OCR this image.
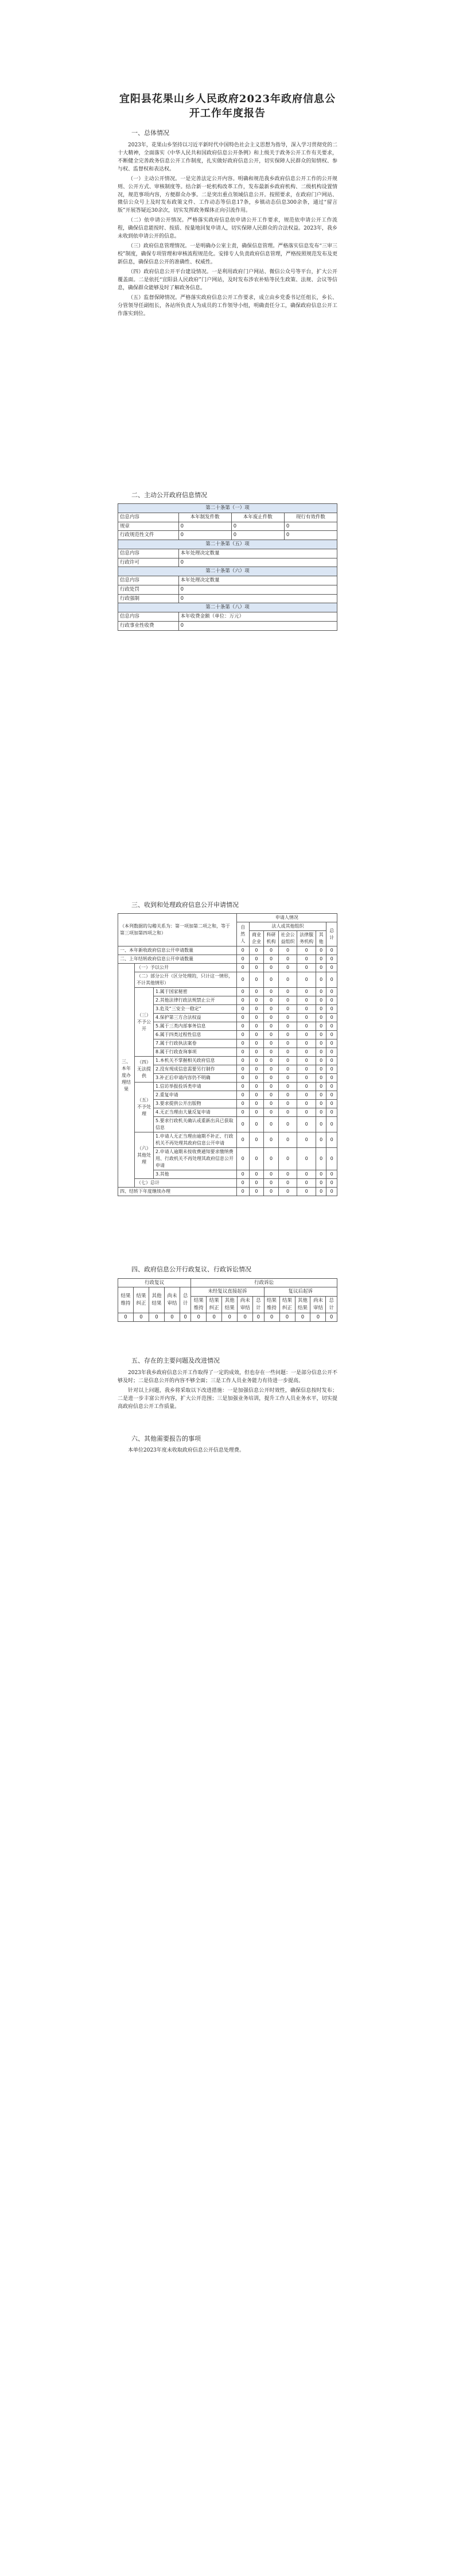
宜阳县花果山乡人民政府2023年政府信息公开工作年度报告
一、总体情况

2023年，花果山乡坚持以习近平新时代中国特色社会主义思想为指导，深入学习贯彻党的二十大精神，全面落实《中华人民共和国政府信息公开条例》和上级关于政务公开工作有关要求，不断健全完善政务信息公开工作制度，扎实做好政府信息公开，切实保障人民群众的知情权、参与权、监督权和表达权。

（一）主动公开情况。一是完善法定公开内容。明确和规范我乡政府信息公开工作的公开规则、公开方式、审核制度等。结合新一轮机构改革工作，发布最新乡政府机构、二级机构设置情况，规范事项内容，方便群众办事。二是突出重点领域信息公开。按照要求，在政府门户网站、微信公众号上及时发布政策文件、工作动态等信息17条，乡镇动态信息300余条，通过“留言版”开展答疑近30余次，切实发挥政务媒体正向引流作用。

（二）依申请公开情况。严格落实政府信息依申请公开工作要求，规范依申请公开工作流程，确保信息能按时、按质、按量地回复申请人，切实保障人民群众的合法权益。2023年，我乡未收到依申请公开的信息。

（三）政府信息管理情况。一是明确办公室主责，确保信息管理。严格落实信息发布“三审三校”制度，确保专项管理和审核流程规范化。安排专人负责政府信息管理，严格按照规范发布及更新信息，确保信息公开的准确性、权威性。

（四）政府信息公开平台建设情况。一是利用政府门户网站、微信公众号等平台，扩大公开覆盖面。二是依托“宜阳县人民政府”门户网站，及时发布涉农补贴等民生政策、法规、会议等信息，确保群众能够及时了解政务信息。

（五）监督保障情况。严格落实政府信息公开工作要求，成立由乡党委书记任组长，乡长、分管领导任副组长，各站所负责人为成员的工作领导小组，明确责任分工，确保政府信息公开工作落实到位。

二、主动公开政府信息情况
第二十条第（一）项			
信息内容	本年制发件数	本年废止件数	现行有效件数
规章	0	0	0
行政规范性文件	0	0	0
第二十条第（五）项			
信息内容	本年处理决定数量		
行政许可	0		
第二十条第（六）项			
信息内容	本年处理决定数量		
行政处罚	0		
行政强制	0		
第二十条第（八）项			
信息内容	本年收费金额（单位：万元）		
行政事业性收费	0		
三、收到和处理政府信息公开申请情况
（本列数据的勾稽关系为：第一项加第二项之和，等于第三项加第四项之和）			申请人情况						
			自然人	法人或其他组织					总计
				商业企业	科研机构	社会公益组织	法律服务机构	其他	
一、本年新收政府信息公开申请数量			0	0	0	0	0	0	0
二、上年结转政府信息公开申请数量			0	0	0	0	0	0	0
三、本年度办理结果	（一）予以公开		0	0	0	0	0	0	0
	（二）部分公开（区分处理的，只计这一情形，不计其他情形）		0	0	0	0	0	0	0
	（三）不予公开	1.属于国家秘密	0	0	0	0	0	0	0
		2.其他法律行政法规禁止公开	0	0	0	0	0	0	0
		3.危及“三安全一稳定”	0	0	0	0	0	0	0
		4.保护第三方合法权益	0	0	0	0	0	0	0
		5.属于三类内部事务信息	0	0	0	0	0	0	0
		6.属于四类过程性信息	0	0	0	0	0	0	0
		7.属于行政执法案卷	0	0	0	0	0	0	0
		8.属于行政查询事项	0	0	0	0	0	0	0
	（四）无法提供	1.本机关不掌握相关政府信息	0	0	0	0	0	0	0
		2.没有现成信息需要另行制作	0	0	0	0	0	0	0
		3.补正后申请内容仍不明确	0	0	0	0	0	0	0
	（五）不予处理	1.信访举报投诉类申请	0	0	0	0	0	0	0
		2.重复申请	0	0	0	0	0	0	0
		3.要求提供公开出版物	0	0	0	0	0	0	0
		4.无正当理由大量反复申请	0	0	0	0	0	0	0
		5.要求行政机关确认或重新出具已获取信息	0	0	0	0	0	0	0
	（六）其他处理	1.申请人无正当理由逾期不补正、行政机关不再处理其政府信息公开申请	0	0	0	0	0	0	0
		2.申请人逾期未按收费通知要求缴纳费用、行政机关不再处理其政府信息公开申请	0	0	0	0	0	0	0
		3.其他	0	0	0	0	0	0	0
	（七）总计		0	0	0	0	0	0	0
四、结转下年度继续办理			0	0	0	0	0	0	0
四、政府信息公开行政复议、行政诉讼情况
行政复议					行政诉讼									
结果维持	结果纠正	其他结果	尚未审结	总计	未经复议直接起诉					复议后起诉				
					结果维持	结果纠正	其他结果	尚未审结	总计	结果维持	结果纠正	其他结果	尚未审结	总计
0	0	0	0	0	0	0	0	0	0	0	0	0	0	0
五、存在的主要问题及改进情况

2023年我乡政府信息公开工作取得了一定的成效，但也存在一些问题：一是部分信息公开不够及时；二是信息公开的内容不够全面；三是工作人员业务能力有待进一步提高。

针对以上问题，我乡将采取以下改进措施：一是加强信息公开时效性，确保信息按时发布；二是进一步丰富公开内容，扩大公开范围；三是加强业务培训，提升工作人员业务水平，切实提高政府信息公开工作质量。

六、其他需要报告的事项

本单位2023年度未收取政府信息公开信息处理费。
